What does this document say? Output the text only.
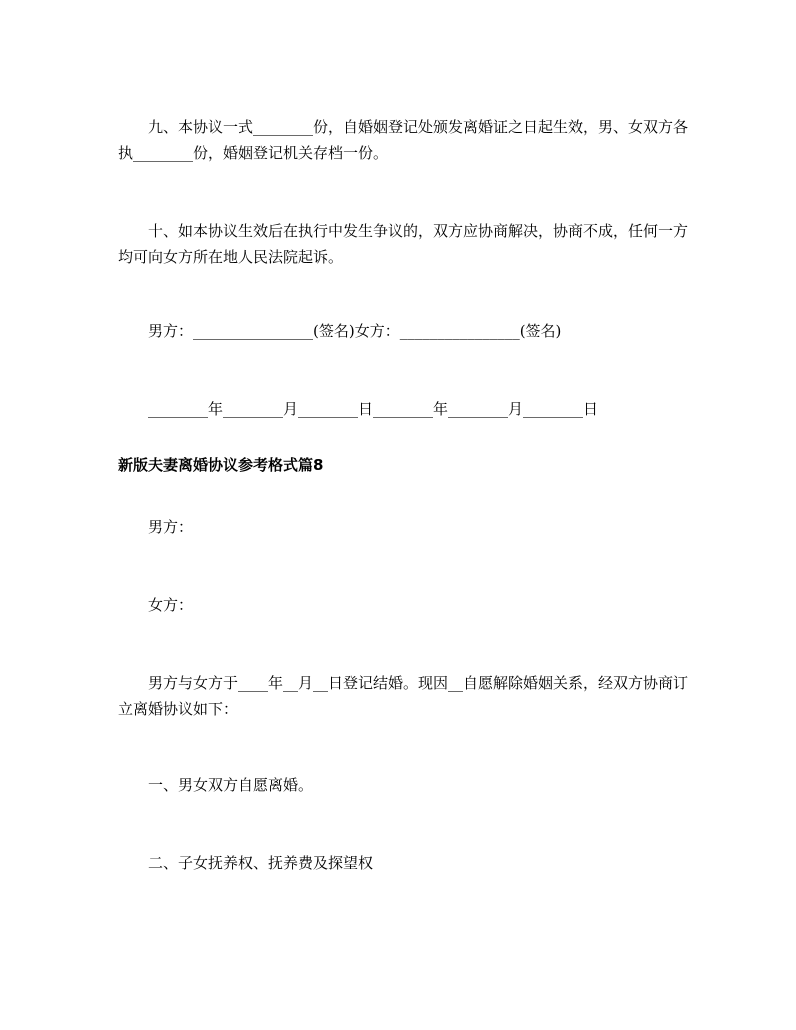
九、本协议一式________份，自婚姻登记处颁发离婚证之日起生效，男、女双方各执________份，婚姻登记机关存档一份。

十、如本协议生效后在执行中发生争议的，双方应协商解决，协商不成，任何一方均可向女方所在地人民法院起诉。

男方：________________(签名)女方：________________(签名)

________年________月________日________年________月________日

新版夫妻离婚协议参考格式篇8

男方：

女方：

男方与女方于____年__月__日登记结婚。现因__自愿解除婚姻关系，经双方协商订立离婚协议如下：

一、男女双方自愿离婚。

二、子女抚养权、抚养费及探望权
